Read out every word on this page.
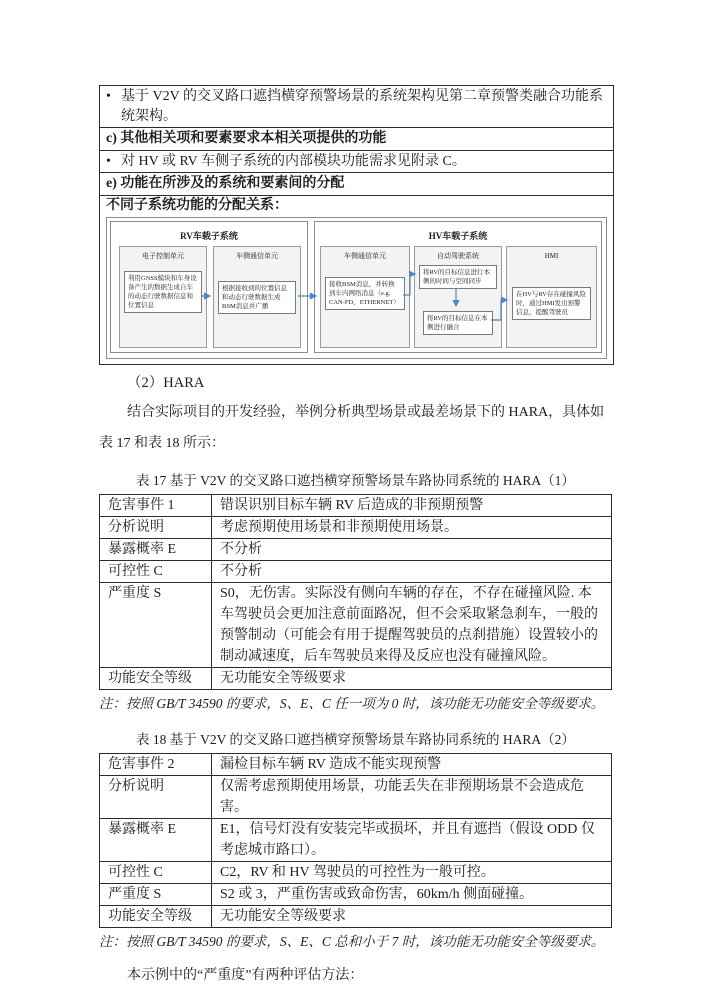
• 基于 V2V 的交叉路口遮挡横穿预警场景的系统架构见第二章预警类融合功能系统架构。

c) 其他相关项和要素要求本相关项提供的功能

• 对 HV 或 RV 车侧子系统的内部模块功能需求见附录 C。

e) 功能在所涉及的系统和要素间的分配

不同子系统功能的分配关系：
RV车载子系统
电子控制单元
利用GNSS模块和车身设备产生的数据生成自车的动态行驶数据信息和位置信息
车侧通信单元
根据接收到的位置信息和动态行驶数据生成BSM消息并广播
HV车载子系统
车侧通信单元
接收BSM消息，并转换到车内网络消息（e.g. CAN-FD、ETHERNET）
自动驾驶系统
将RV的目标信息进行本侧的时间与空间同步
将RV的目标信息在本侧进行融合
HMI
在HV与RV存在碰撞风险时，通过HMI发出预警信息，提醒驾驶员
（2）HARA

结合实际项目的开发经验，举例分析典型场景或最差场景下的 HARA，具体如表 17 和表 18 所示：

表 17 基于 V2V 的交叉路口遮挡横穿预警场景车路协同系统的 HARA（1）
危害事件 1	错误识别目标车辆 RV 后造成的非预期预警
分析说明	考虑预期使用场景和非预期使用场景。
暴露概率 E	不分析
可控性 C	不分析
严重度 S	S0，无伤害。实际没有侧向车辆的存在，不存在碰撞风险. 本车驾驶员会更加注意前面路况，但不会采取紧急刹车，一般的预警制动（可能会有用于提醒驾驶员的点刹措施）设置较小的制动减速度，后车驾驶员来得及反应也没有碰撞风险。
功能安全等级	无功能安全等级要求

注：按照 GB/T 34590 的要求，S、E、C 任一项为 0 时，该功能无功能安全等级要求。

表 18 基于 V2V 的交叉路口遮挡横穿预警场景车路协同系统的 HARA（2）
危害事件 2	漏检目标车辆 RV 造成不能实现预警
分析说明	仅需考虑预期使用场景，功能丢失在非预期场景不会造成危害。
暴露概率 E	E1，信号灯没有安装完毕或损坏，并且有遮挡（假设 ODD 仅考虑城市路口）。
可控性 C	C2，RV 和 HV 驾驶员的可控性为一般可控。
严重度 S	S2 或 3，严重伤害或致命伤害，60km/h 侧面碰撞。
功能安全等级	无功能安全等级要求

注：按照 GB/T 34590 的要求，S、E、C 总和小于 7 时，该功能无功能安全等级要求。

本示例中的“严重度”有两种评估方法：
